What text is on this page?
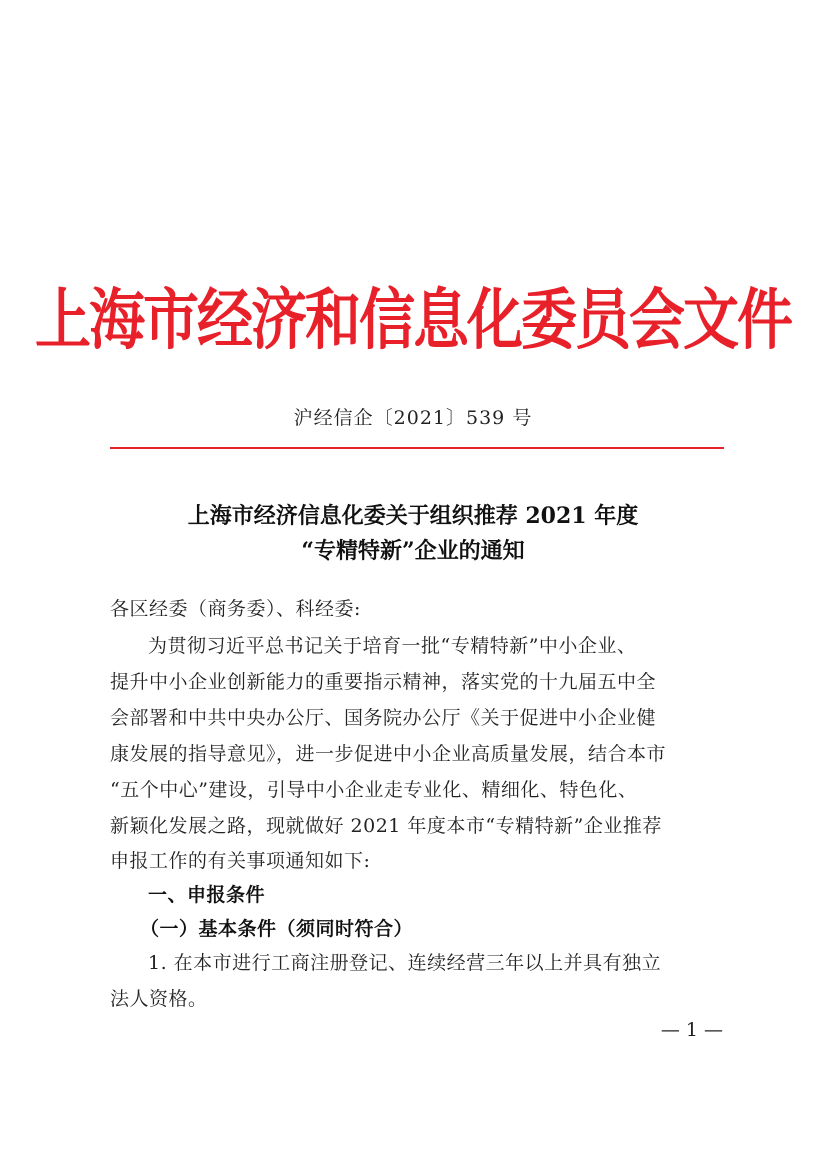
上海市经济和信息化委员会文件
沪经信企〔2021〕539 号
上海市经济信息化委关于组织推荐 2021 年度
“专精特新”企业的通知
各区经委（商务委）、科经委:
为贯彻习近平总书记关于培育一批“专精特新”中小企业、
提升中小企业创新能力的重要指示精神，落实党的十九届五中全
会部署和中共中央办公厅、国务院办公厅《关于促进中小企业健
康发展的指导意见》，进一步促进中小企业高质量发展，结合本市
“五个中心”建设，引导中小企业走专业化、精细化、特色化、
新颖化发展之路，现就做好 2021 年度本市“专精特新”企业推荐
申报工作的有关事项通知如下:
一、申报条件
（一）基本条件（须同时符合）
1. 在本市进行工商注册登记、连续经营三年以上并具有独立
法人资格。
— 1 —
